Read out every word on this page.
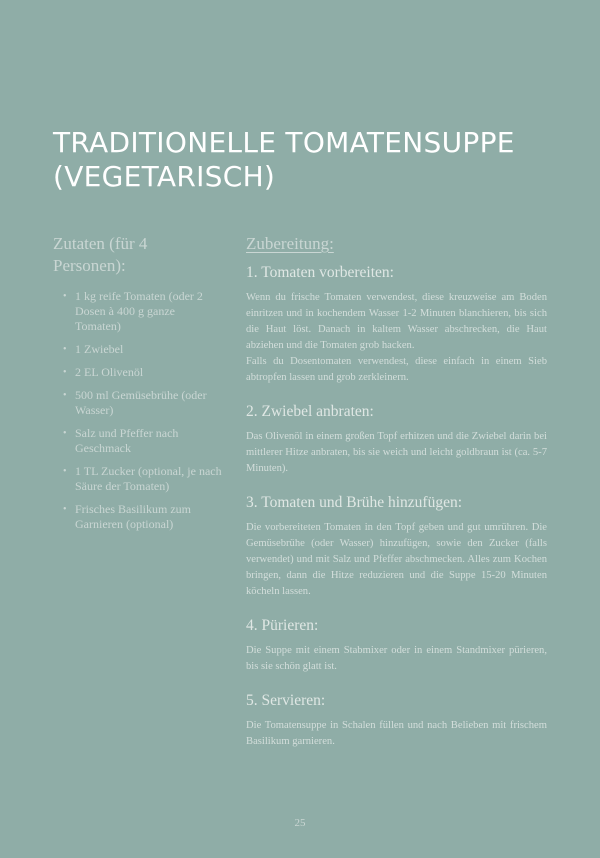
TRADITIONELLE TOMATENSUPPE (VEGETARISCH)
Zutaten (für 4 Personen):
• 1 kg reife Tomaten (oder 2 Dosen à 400 g ganze Tomaten)
• 1 Zwiebel
• 2 EL Olivenöl
• 500 ml Gemüsebrühe (oder Wasser)
• Salz und Pfeffer nach Geschmack
• 1 TL Zucker (optional, je nach Säure der Tomaten)
• Frisches Basilikum zum Garnieren (optional)
Zubereitung:
1. Tomaten vorbereiten:

Wenn du frische Tomaten verwendest, diese kreuzweise am Boden einritzen und in kochendem Wasser 1-2 Minuten blanchieren, bis sich die Haut löst. Danach in kaltem Wasser abschrecken, die Haut abziehen und die Tomaten grob hacken.

Falls du Dosentomaten verwendest, diese einfach in einem Sieb abtropfen lassen und grob zerkleinern.

2. Zwiebel anbraten:

Das Olivenöl in einem großen Topf erhitzen und die Zwiebel darin bei mittlerer Hitze anbraten, bis sie weich und leicht goldbraun ist (ca. 5-7 Minuten).

3. Tomaten und Brühe hinzufügen:

Die vorbereiteten Tomaten in den Topf geben und gut umrühren. Die Gemüsebrühe (oder Wasser) hinzufügen, sowie den Zucker (falls verwendet) und mit Salz und Pfeffer abschmecken. Alles zum Kochen bringen, dann die Hitze reduzieren und die Suppe 15-20 Minuten köcheln lassen.

4. Pürieren:

Die Suppe mit einem Stabmixer oder in einem Standmixer pürieren, bis sie schön glatt ist.

5. Servieren:

Die Tomatensuppe in Schalen füllen und nach Belieben mit frischem Basilikum garnieren.

25
